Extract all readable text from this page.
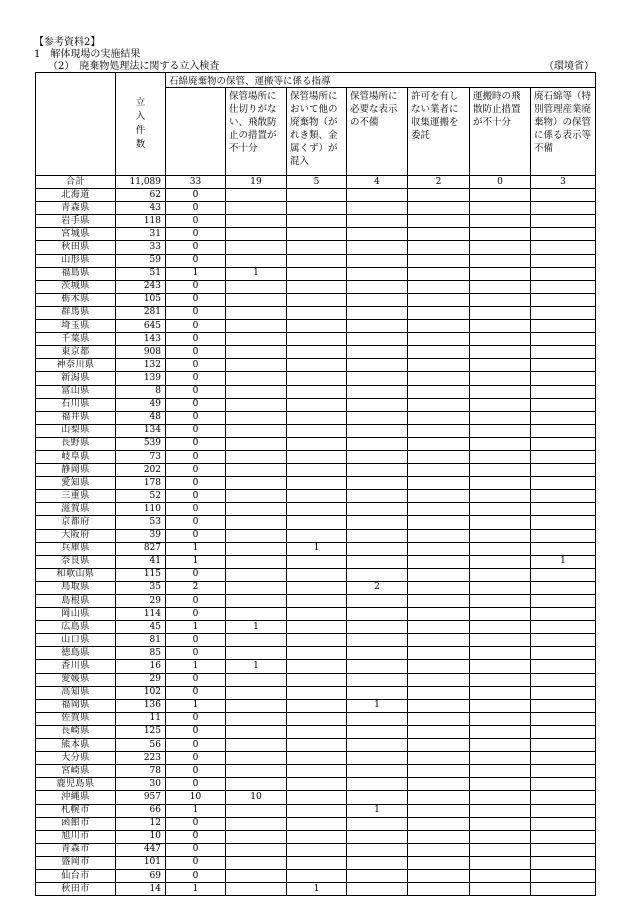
【参考資料2】
1　解体現場の実施結果
（2）　廃棄物処理法に関する立入検査	（環境省）
	立
入
件
数	石綿廃棄物の保管、運搬等に係る指導						
			保管場所に仕切りがない、飛散防止の措置が不十分	保管場所において他の廃棄物（がれき類、金属くず）が混入	保管場所に必要な表示の不備	許可を有しない業者に収集運搬を委託	運搬時の飛散防止措置が不十分	廃石綿等（特別管理産業廃棄物）の保管に係る表示等不備
合計	11,089	33	19	5	4	2	0	3
北海道	62	0						
青森県	43	0						
岩手県	118	0						
宮城県	31	0						
秋田県	33	0						
山形県	59	0						
福島県	51	1	1					
茨城県	243	0						
栃木県	105	0						
群馬県	281	0						
埼玉県	645	0						
千葉県	143	0						
東京都	908	0						
神奈川県	132	0						
新潟県	139	0						
富山県	8	0						
石川県	49	0						
福井県	48	0						
山梨県	134	0						
長野県	539	0						
岐阜県	73	0						
静岡県	202	0						
愛知県	178	0						
三重県	52	0						
滋賀県	110	0						
京都府	53	0						
大阪府	39	0						
兵庫県	827	1		1				
奈良県	41	1						1
和歌山県	115	0						
鳥取県	35	2			2			
島根県	29	0						
岡山県	114	0						
広島県	45	1	1					
山口県	81	0						
徳島県	85	0						
香川県	16	1	1					
愛媛県	29	0						
高知県	102	0						
福岡県	136	1			1			
佐賀県	11	0						
長崎県	125	0						
熊本県	56	0						
大分県	223	0						
宮崎県	78	0						
鹿児島県	30	0						
沖縄県	957	10	10					
札幌市	66	1			1			
函館市	12	0						
旭川市	10	0						
青森市	447	0						
盛岡市	101	0						
仙台市	69	0						
秋田市	14	1		1				
